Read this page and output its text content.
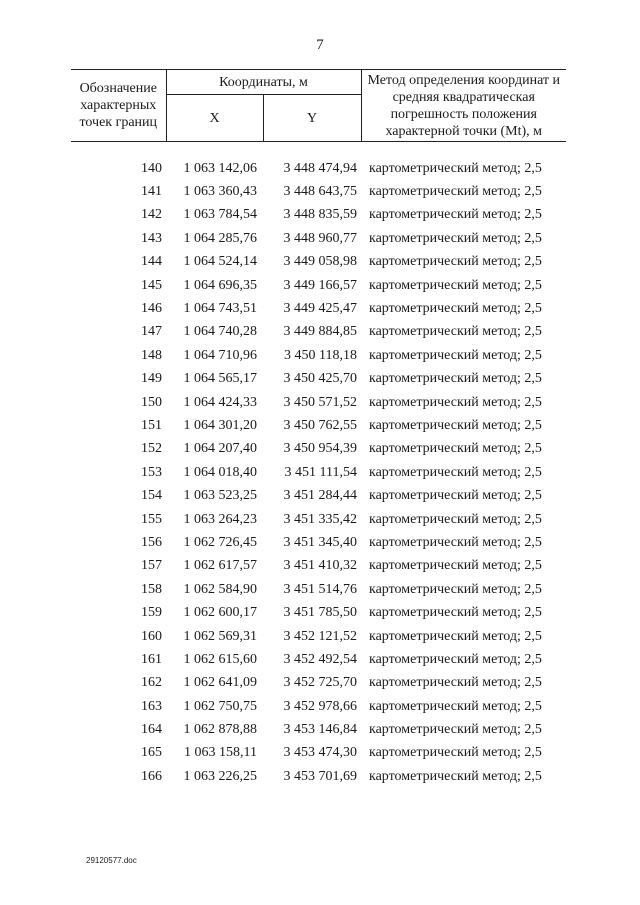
7
Обозначение характерных точек границ	Координаты, м		Метод определения координат и средняя квадратическая погрешность положения характерной точки (Mt), м
	X	Y	
140	1 063 142,06	3 448 474,94 картометрический метод; 2,5
141	1 063 360,43	3 448 643,75 картометрический метод; 2,5
142	1 063 784,54	3 448 835,59 картометрический метод; 2,5
143	1 064 285,76	3 448 960,77 картометрический метод; 2,5
144	1 064 524,14	3 449 058,98 картометрический метод; 2,5
145	1 064 696,35	3 449 166,57 картометрический метод; 2,5
146	1 064 743,51	3 449 425,47 картометрический метод; 2,5
147	1 064 740,28	3 449 884,85 картометрический метод; 2,5
148	1 064 710,96	3 450 118,18 картометрический метод; 2,5
149	1 064 565,17	3 450 425,70 картометрический метод; 2,5
150	1 064 424,33	3 450 571,52 картометрический метод; 2,5
151	1 064 301,20	3 450 762,55 картометрический метод; 2,5
152	1 064 207,40	3 450 954,39 картометрический метод; 2,5
153	1 064 018,40	3 451 111,54 картометрический метод; 2,5
154	1 063 523,25	3 451 284,44 картометрический метод; 2,5
155	1 063 264,23	3 451 335,42 картометрический метод; 2,5
156	1 062 726,45	3 451 345,40 картометрический метод; 2,5
157	1 062 617,57	3 451 410,32 картометрический метод; 2,5
158	1 062 584,90	3 451 514,76 картометрический метод; 2,5
159	1 062 600,17	3 451 785,50 картометрический метод; 2,5
160	1 062 569,31	3 452 121,52 картометрический метод; 2,5
161	1 062 615,60	3 452 492,54 картометрический метод; 2,5
162	1 062 641,09	3 452 725,70 картометрический метод; 2,5
163	1 062 750,75	3 452 978,66 картометрический метод; 2,5
164	1 062 878,88	3 453 146,84 картометрический метод; 2,5
165	1 063 158,11	3 453 474,30 картометрический метод; 2,5
166	1 063 226,25	3 453 701,69 картометрический метод; 2,5
29120577.doc
